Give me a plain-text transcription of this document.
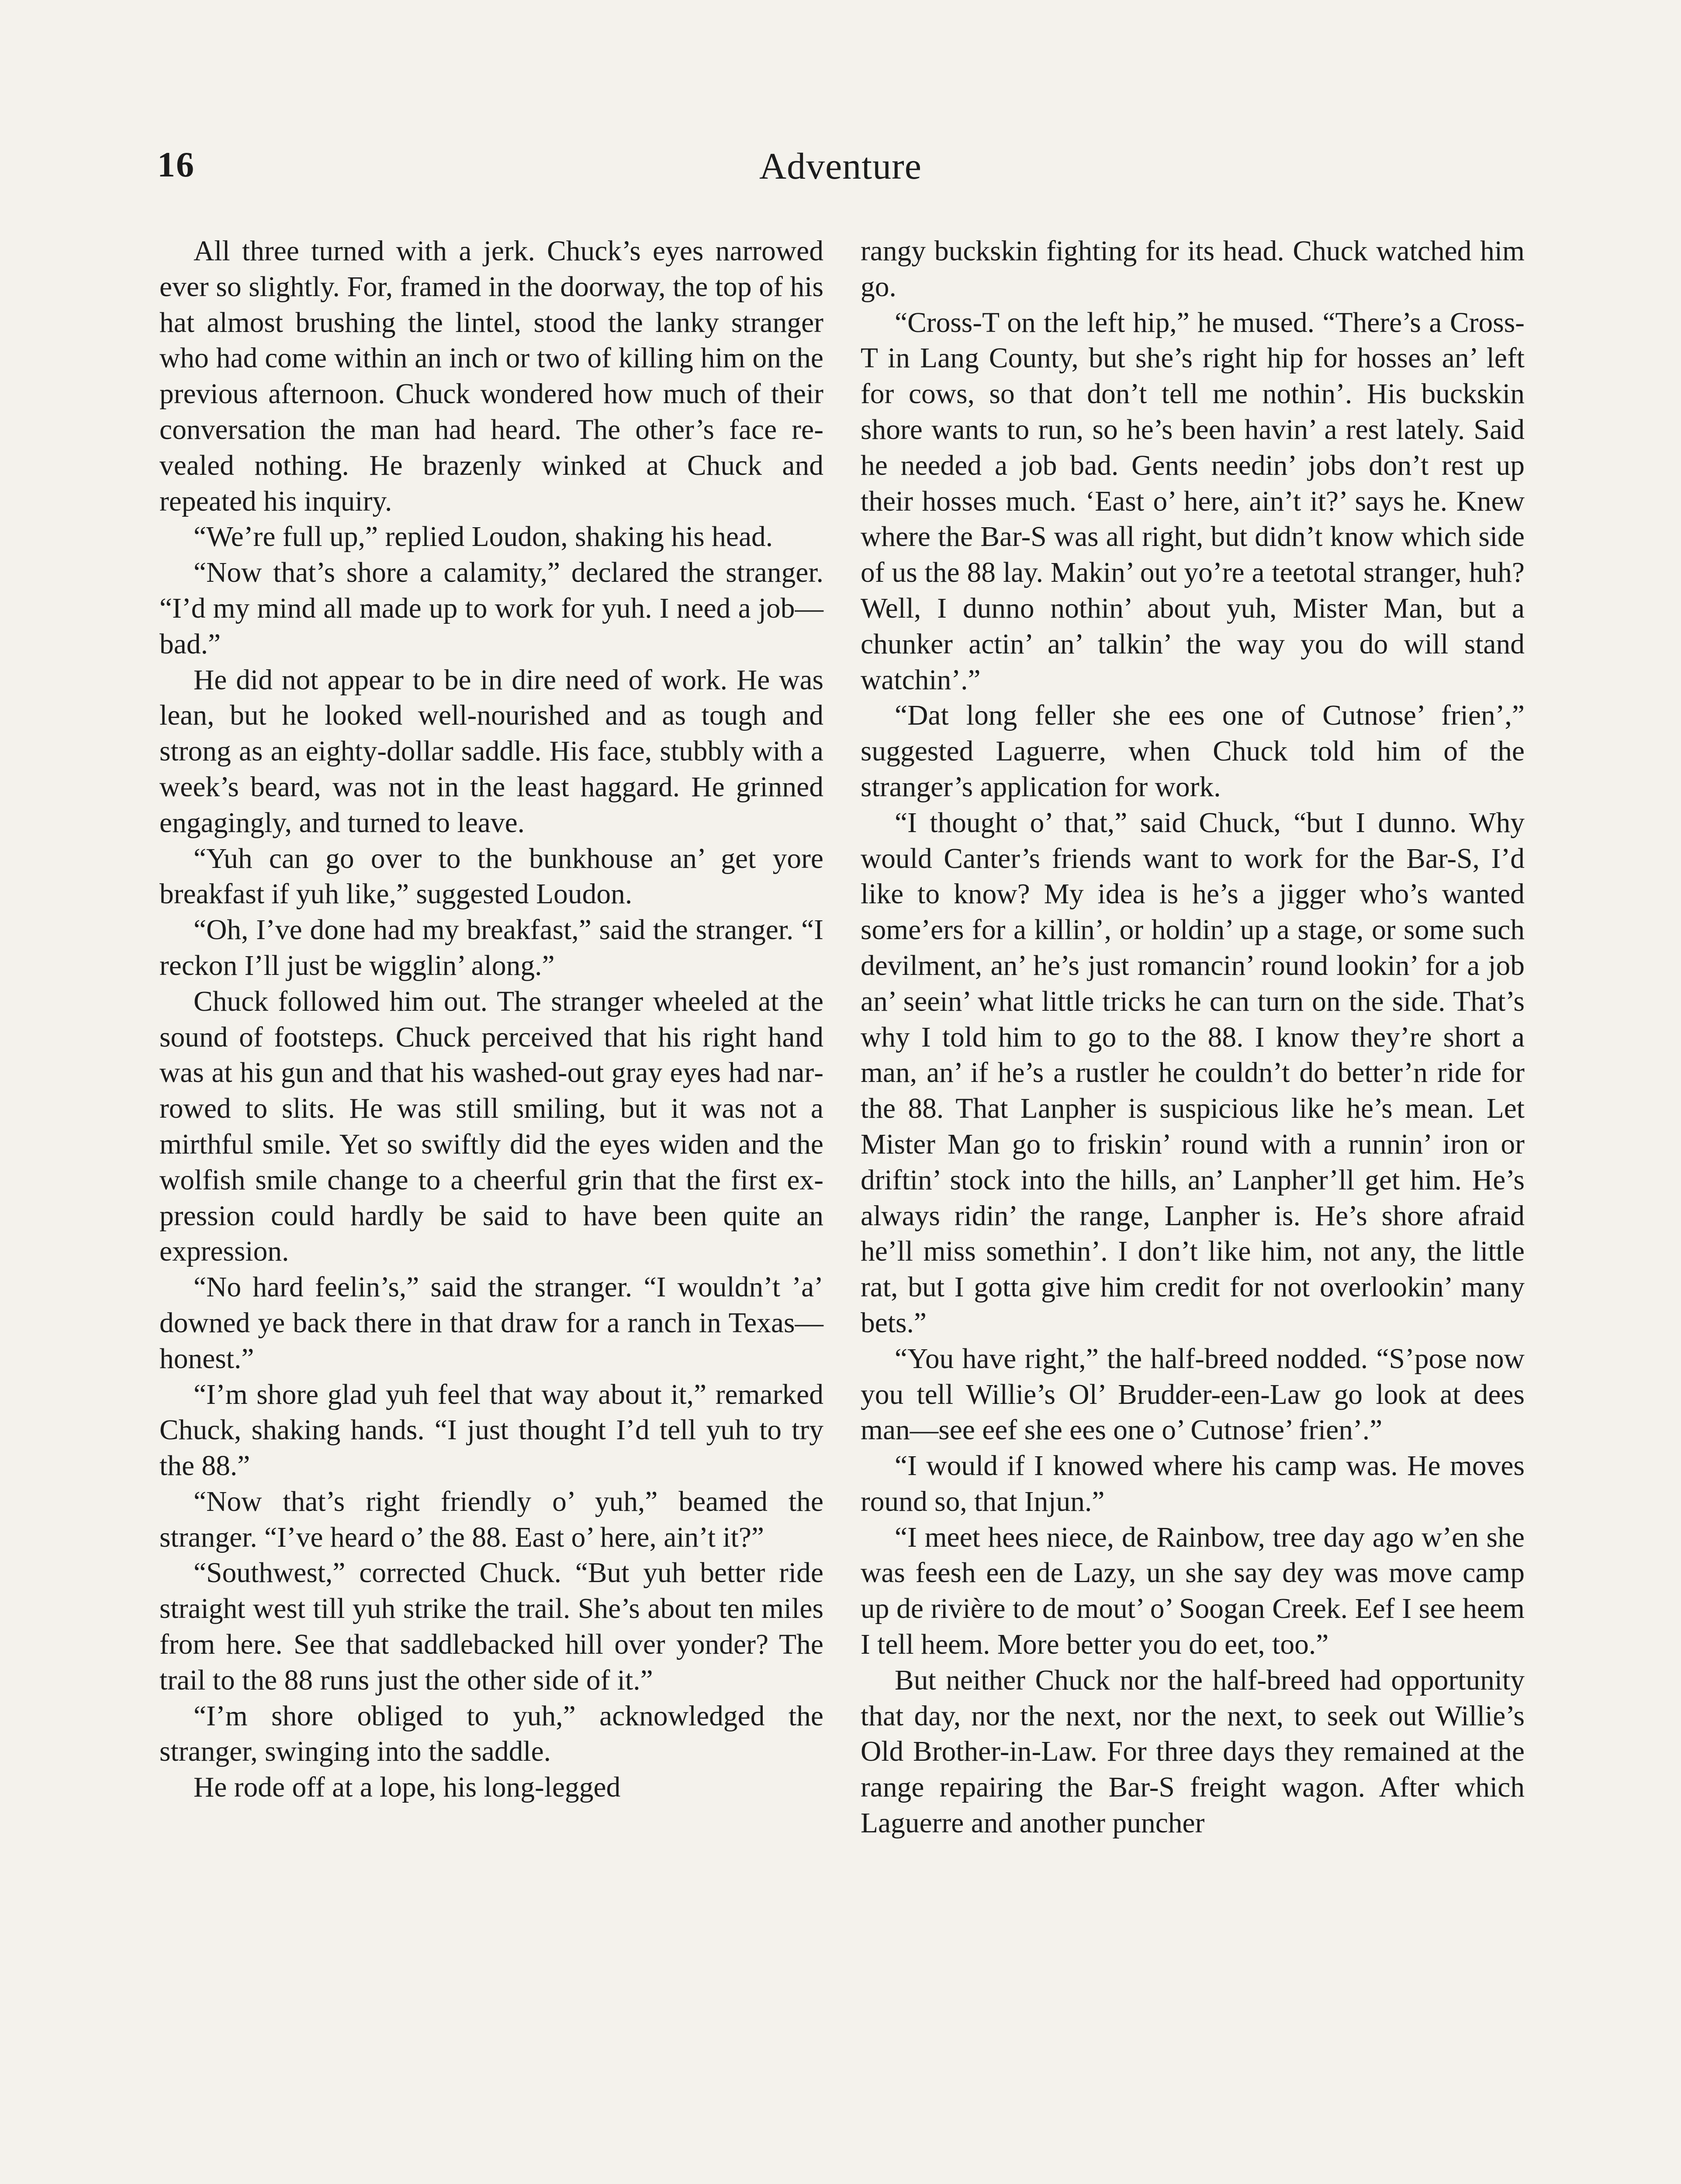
16	Adventure

All three turned with a jerk. Chuck’s eyes narrowed ever so slightly. For, framed in the doorway, the top of his hat almost brushing the lintel, stood the lanky stranger who had come within an inch or two of killing him on the previous afternoon. Chuck wondered how much of their conversation the man had heard. The other’s face revealed nothing. He brazenly winked at Chuck and repeated his inquiry.

“We’re full up,” replied Loudon, shaking his head.

“Now that’s shore a calamity,” declared the stranger. “I’d my mind all made up to work for yuh. I need a job—bad.”

He did not appear to be in dire need of work. He was lean, but he looked well-nourished and as tough and strong as an eighty-dollar saddle. His face, stubbly with a week’s beard, was not in the least haggard. He grinned engagingly, and turned to leave.

“Yuh can go over to the bunkhouse an’ get yore breakfast if yuh like,” suggested Loudon.

“Oh, I’ve done had my breakfast,” said the stranger. “I reckon I’ll just be wigglin’ along.”

Chuck followed him out. The stranger wheeled at the sound of footsteps. Chuck perceived that his right hand was at his gun and that his washed-out gray eyes had narrowed to slits. He was still smiling, but it was not a mirthful smile. Yet so swiftly did the eyes widen and the wolfish smile change to a cheerful grin that the first expression could hardly be said to have been quite an expression.

“No hard feelin’s,” said the stranger. “I wouldn’t ’a’ downed ye back there in that draw for a ranch in Texas—honest.”

“I’m shore glad yuh feel that way about it,” remarked Chuck, shaking hands. “I just thought I’d tell yuh to try the 88.”

“Now that’s right friendly o’ yuh,” beamed the stranger. “I’ve heard o’ the 88. East o’ here, ain’t it?”

“Southwest,” corrected Chuck. “But yuh better ride straight west till yuh strike the trail. She’s about ten miles from here. See that saddlebacked hill over yonder? The trail to the 88 runs just the other side of it.”

“I’m shore obliged to yuh,” acknowledged the stranger, swinging into the saddle.

He rode off at a lope, his long-legged

rangy buckskin fighting for its head. Chuck watched him go.

“Cross-T on the left hip,” he mused. “There’s a Cross-T in Lang County, but she’s right hip for hosses an’ left for cows, so that don’t tell me nothin’. His buckskin shore wants to run, so he’s been havin’ a rest lately. Said he needed a job bad. Gents needin’ jobs don’t rest up their hosses much. ‘East o’ here, ain’t it?’ says he. Knew where the Bar-S was all right, but didn’t know which side of us the 88 lay. Makin’ out yo’re a teetotal stranger, huh? Well, I dunno nothin’ about yuh, Mister Man, but a chunker actin’ an’ talkin’ the way you do will stand watchin’.”

“Dat long feller she ees one of Cutnose’ frien’,” suggested Laguerre, when Chuck told him of the stranger’s application for work.

“I thought o’ that,” said Chuck, “but I dunno. Why would Canter’s friends want to work for the Bar-S, I’d like to know? My idea is he’s a jigger who’s wanted some’ers for a killin’, or holdin’ up a stage, or some such devilment, an’ he’s just romancin’ round lookin’ for a job an’ seein’ what little tricks he can turn on the side. That’s why I told him to go to the 88. I know they’re short a man, an’ if he’s a rustler he couldn’t do better’n ride for the 88. That Lanpher is suspicious like he’s mean. Let Mister Man go to friskin’ round with a runnin’ iron or driftin’ stock into the hills, an’ Lanpher’ll get him. He’s always ridin’ the range, Lanpher is. He’s shore afraid he’ll miss somethin’. I don’t like him, not any, the little rat, but I gotta give him credit for not overlookin’ many bets.”

“You have right,” the half-breed nodded. “S’pose now you tell Willie’s Ol’ Brudder-een-Law go look at dees man—see eef she ees one o’ Cutnose’ frien’.”

“I would if I knowed where his camp was. He moves round so, that Injun.”

“I meet hees niece, de Rainbow, tree day ago w’en she was feesh een de Lazy, un she say dey was move camp up de rivière to de mout’ o’ Soogan Creek. Eef I see heem I tell heem. More better you do eet, too.”

But neither Chuck nor the half-breed had opportunity that day, nor the next, nor the next, to seek out Willie’s Old Brother-in-Law. For three days they remained at the range repairing the Bar-S freight wagon. After which Laguerre and another puncher
